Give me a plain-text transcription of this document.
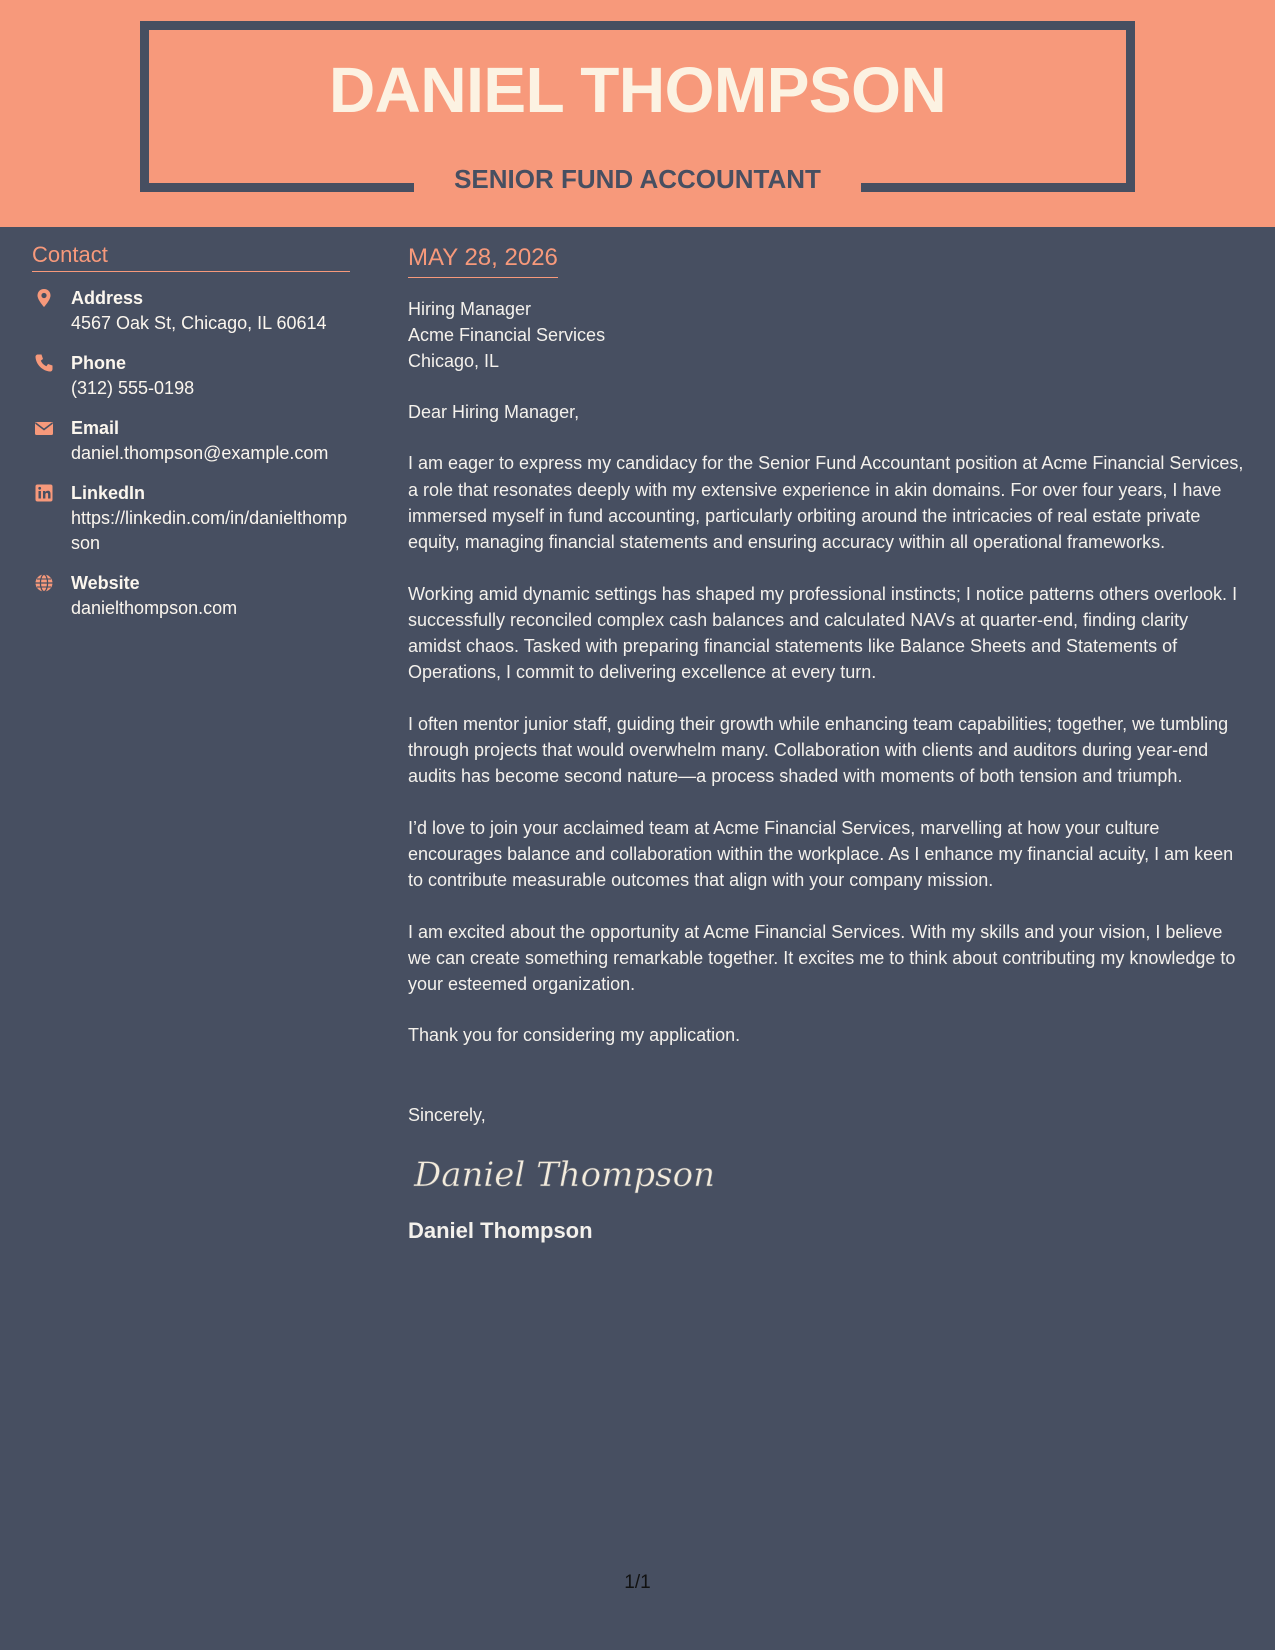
DANIEL THOMPSON
SENIOR FUND ACCOUNTANT
Contact
Address
4567 Oak St, Chicago, IL 60614
Phone
(312) 555-0198
Email
daniel.thompson@example.com
LinkedIn
https://linkedin.com/in/danielthompson
Website
danielthompson.com
MAY 28, 2026

Hiring Manager

Acme Financial Services

Chicago, IL

Dear Hiring Manager,

I am eager to express my candidacy for the Senior Fund Accountant position at Acme Financial Services, a role that resonates deeply with my extensive experience in akin domains. For over four years, I have immersed myself in fund accounting, particularly orbiting around the intricacies of real estate private equity, managing financial statements and ensuring accuracy within all operational frameworks.

Working amid dynamic settings has shaped my professional instincts; I notice patterns others overlook. I successfully reconciled complex cash balances and calculated NAVs at quarter-end, finding clarity amidst chaos. Tasked with preparing financial statements like Balance Sheets and Statements of Operations, I commit to delivering excellence at every turn.

I often mentor junior staff, guiding their growth while enhancing team capabilities; together, we tumbling through projects that would overwhelm many. Collaboration with clients and auditors during year-end audits has become second nature—a process shaded with moments of both tension and triumph.

I’d love to join your acclaimed team at Acme Financial Services, marvelling at how your culture encourages balance and collaboration within the workplace. As I enhance my financial acuity, I am keen to contribute measurable outcomes that align with your company mission.

I am excited about the opportunity at Acme Financial Services. With my skills and your vision, I believe we can create something remarkable together. It excites me to think about contributing my knowledge to your esteemed organization.

Thank you for considering my application.

Sincerely,

Daniel Thompson
Daniel Thompson
1/1
